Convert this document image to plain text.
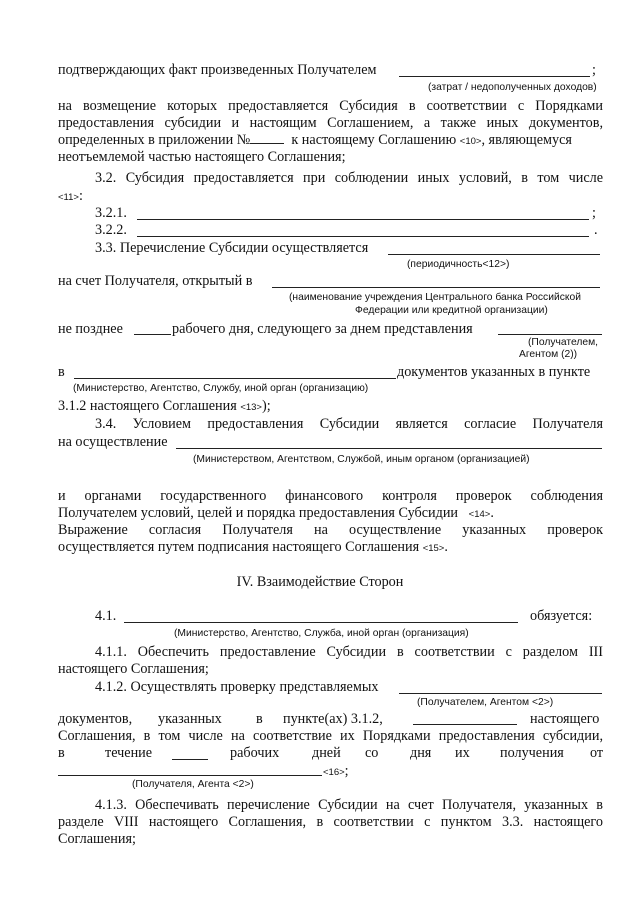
подтверждающих факт произведенных Получателем	;
(затрат / недополученных доходов)
на возмещение которых предоставляется Субсидия в соответствии с Порядками
предоставления субсидии и настоящим Соглашением, а также иных документов,
определенных в приложении №	к настоящему Соглашению <10>, являющемуся
неотъемлемой частью настоящего Соглашения;
3.2. Субсидия предоставляется при соблюдении иных условий, в том числе
<11>:
3.2.1.	;
3.2.2.	.
3.3. Перечисление Субсидии осуществляется
(периодичность<12>)
на счет Получателя, открытый в
(наименование учреждения Центрального банка Российской
Федерации или кредитной организации)
не позднее	рабочего дня, следующего за днем представления
(Получателем,
Агентом (2))
в	документов указанных в пункте
(Министерство, Агентство, Службу, иной орган (организацию)
3.1.2 настоящего Соглашения <13>);
3.4. Условием предоставления Субсидии является согласие Получателя
на осуществление
(Министерством, Агентством, Службой, иным органом (организацией)
и органами государственного финансового контроля проверок соблюдения
Получателем условий, целей и порядка предоставления Субсидии <14>.
Выражение согласия Получателя на осуществление указанных проверок
осуществляется путем подписания настоящего Соглашения <15>.
IV. Взаимодействие Сторон
4.1.	обязуется:
(Министерство, Агентство, Служба, иной орган (организация)
4.1.1. Обеспечить предоставление Субсидии в соответствии с разделом III
настоящего Соглашения;
4.1.2. Осуществлять проверку представляемых
(Получателем, Агентом <2>)
документов, указанных в пункте(ах) 3.1.2,	настоящего
Соглашения, в том числе на соответствие их Порядками предоставления субсидии,
в	течение	рабочих дней со дня их получения от
<16>;
(Получателя, Агента <2>)
4.1.3. Обеспечивать перечисление Субсидии на счет Получателя, указанных в
разделе VIII настоящего Соглашения, в соответствии с пунктом 3.3. настоящего
Соглашения;
